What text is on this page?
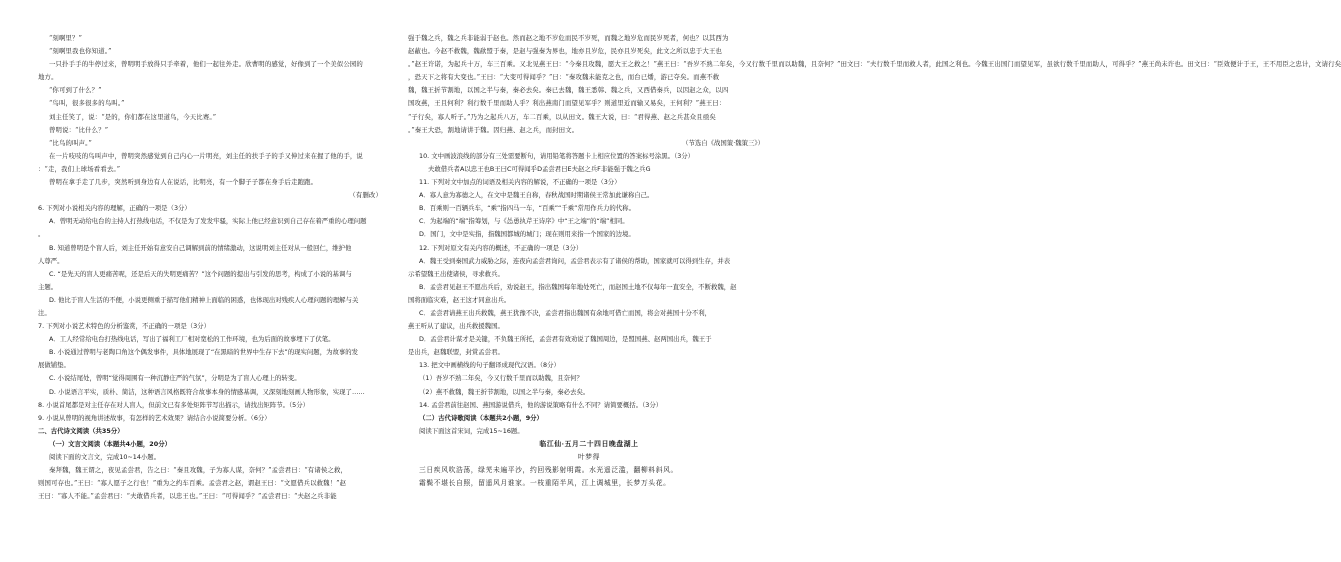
“刻啊里？”

“刻啊里我也你知道。”

一只扑手手的牛停过来，曾明明手放得只手牵着，他们一起往外走。欣曹明的感觉，好像到了一个美似公园的

地方。

“你可到了什么？”

“鸟叫，很多很多的鸟叫。”

刘主任笑了，说：“是的，你们都在这里道鸟，今天比赛。”

曾明说：“比什么？”

“比鸟的叫声。”

在一片吱吱的鸟叫声中，曾明突然感觉到自己内心一片明亮，刘主任的扶手子的手又伸过来在握了他的手，说

：“走，我们上球场看看去。”

曾明在拿手走了几步，突然听到身边有人在说话，比明亮，有一个脚子子都在身手后走跑跑。

（有删改）

6. 下列对小说相关内容的理解，正确的一项是（3分）

A．曾明无动给电台的主持人打热线电话，不仅是为了发发牢骚，实际上他已经意识到自己存在着严重的心理问题

。

B. 知道曾明是个盲人后，刘主任开始有意安自己调解到前的情绪激动，这说明刘主任对从一般回仁，维护他

人尊严。

C. “是先天的盲人更痛苦呢，还是后天的失明更痛苦？”这个问题的提出与引发的思考，构成了小说的基调与

主题。

D. 他比于盲人生活的不便，小说更侧重于描写他们精神上面临的困惑，也体现出对残疾人心理问题的理解与关

注。

7. 下列对小说艺术特色的分析鉴赏，不正确的一项是（3分）

A．工人经常给电台打热线电话，写出了福利工厂相对宽松的工作环境，也为后面的故事埋下了伏笔。

B. 小说通过曾明与老陶口角这个偶发事件，具体地展现了“在黑暗的世界中生存下去”的现实问题，为故事的发

展做铺垫。

C. 小说结尾处，曾明“觉得周围有一种沉静庄严的气氛”，分明是为了盲人心理上的转变。

D. 小说语言平实，质朴、简洁，这种语言风格既符合故事本身的情感基调，又深刻地刻画人物形象，实现了……

8. 小说首尾都是对主任存在对人盲人，但前文已有多处矩阵节写出描示，请找出矩阵节。（5分）

9. 小说从曾明的视角讲述故事，有怎样的艺术效果？请结合小说简要分析。（6分）

二、古代诗文阅读（共35分）

（一）文言文阅读（本题共4小题，20分）

阅读下面的文言文，完成10~14小题。

秦拜魏，魏王谓之，夜见孟尝君，告之曰：“秦且攻魏，子为寡人谋，奈何？”孟尝君曰：“有诸侯之救，

则国可存也。”王曰：“寡人愿子之行也！”重为之约车百乘。孟尝君之赵，谓赵王曰：“文愿借兵以救魏！”赵

王曰：“寡人不能。”孟尝君曰：“夫敢借兵者，以忠王也。”王曰：“可得闻乎？”孟尝君曰：“夫赵之兵非能

强于魏之兵，魏之兵非能弱于赵也。然而赵之地不岁危而民不岁死，而魏之地岁危而民岁死者，何也？以其西为

赵蔽也。今赵不救魏，魏歃盟于秦，是赵与强秦为界也，地亦且岁危，民亦且岁死矣，此文之所以忠于大王也

。”赵王许诺，为起兵十万，车三百乘。又北见燕王曰：“今秦且攻魏，愿大王之救之！”燕王曰：“吾岁不熟二年矣，今又行数千里而以助魏，且奈何？”田文曰：“夫行数千里而救人者，此国之利也。今魏王出国门而望见军，虽欲行数千里而助人，可得乎？”燕王尚未许也。田文曰：“臣效便计于王，王不用臣之忠计，文请行矣

，恐天下之将有大变也。”王曰：“大变可得闻乎？”曰：“秦攻魏未能克之也，而台已燔，游已夺矣。而燕不救

魏，魏王折节割地，以国之半与秦，秦必去矣。秦已去魏，魏王悉韩、魏之兵，又西借秦兵，以因赵之众，以四

国攻燕，王且何利？利行数千里而助人乎？利出燕南门而望见军乎？则道里近而输又易矣，王何利？”燕王曰：

“子行矣，寡人听子。”乃为之起兵八万，车二百乘，以从田文。魏王大说，曰：“君得燕、赵之兵甚众且亟矣

。”秦王大恐，割地请讲于魏。因归燕、赵之兵，而封田文。

（节选自《战国策·魏策三》）

10. 文中画波浪线的部分有三处需要断句，请用铅笔将答题卡上相应位置的答案标号涂黑。（3分）

夫敢借兵者A以忠王也B王曰C可得闻乎D孟尝君曰E夫赵之兵F非能强于魏之兵G

11. 下列对文中加点的词语及相关内容的解说，不正确的一项是（3分）

A．寡人意为寡德之人，在文中是魏王自称，春秋战国时期诸侯王常加此谦称自己。

B．百乘则一百辆兵车，“乘”指四马一车，“百乘”“千乘”常用作兵力的代称。

C．为起端的“端”指筹划，与《怂恿执芹王诗序》中“王之端”的“端”相同。

D．国门，文中是实指，指魏国都城的城门；现在则用来指一个国家的边境。

12. 下列对原文有关内容的概述，不正确的一项是（3分）

A．魏王受到秦国武力威胁之际，连夜向孟尝君询问，孟尝君表示有了诸侯的帮助，国家就可以得到生存，并表

示希望魏王出使诸侯，寻求救兵。

B．孟尝君见赵王不愿出兵后，劝说赵王，指出魏国每年地处死亡，而赵国土地不仅每年一直安全，不断救魏，赵

国将面临灾难，赵王这才同意出兵。

C．孟尝君请燕王出兵救魏，燕王犹豫不决，孟尝君指出魏国有余地可借亡而国，将会对燕国十分不利，

燕王听从了建议，出兵救援魏国。

D．孟尝君计谋才是关键，不负魏王所托，孟尝君有效劝说了魏国周边，是盟国燕、赵两国出兵，魏王于

是出兵，赵魏联盟，封赏孟尝君。

13. 把文中画横线的句子翻译成现代汉语。（8分）

（1）吾岁不熟二年矣，今又行数千里而以助魏，且奈何？

（2）燕不救魏，魏王折节割地，以国之半与秦，秦必去矣。

14. 孟尝君前往赵国、燕国游说借兵，他的游说策略有什么不同？请简要概括。（3分）

（二）古代诗歌阅读（本题共2小题，9分）

阅读下面这首宋词，完成15~16题。

临江仙·五月二十四日晚盘湖上

叶梦得

三日疾风吹浩荡，绿芜未遍平沙，约回残影射明霞。水光遥泛滥，翻柳料斜风。

霜鬓不堪长自照，留遥风月谁家。一枝重陌半风，江上调城里，长梦万头花。
